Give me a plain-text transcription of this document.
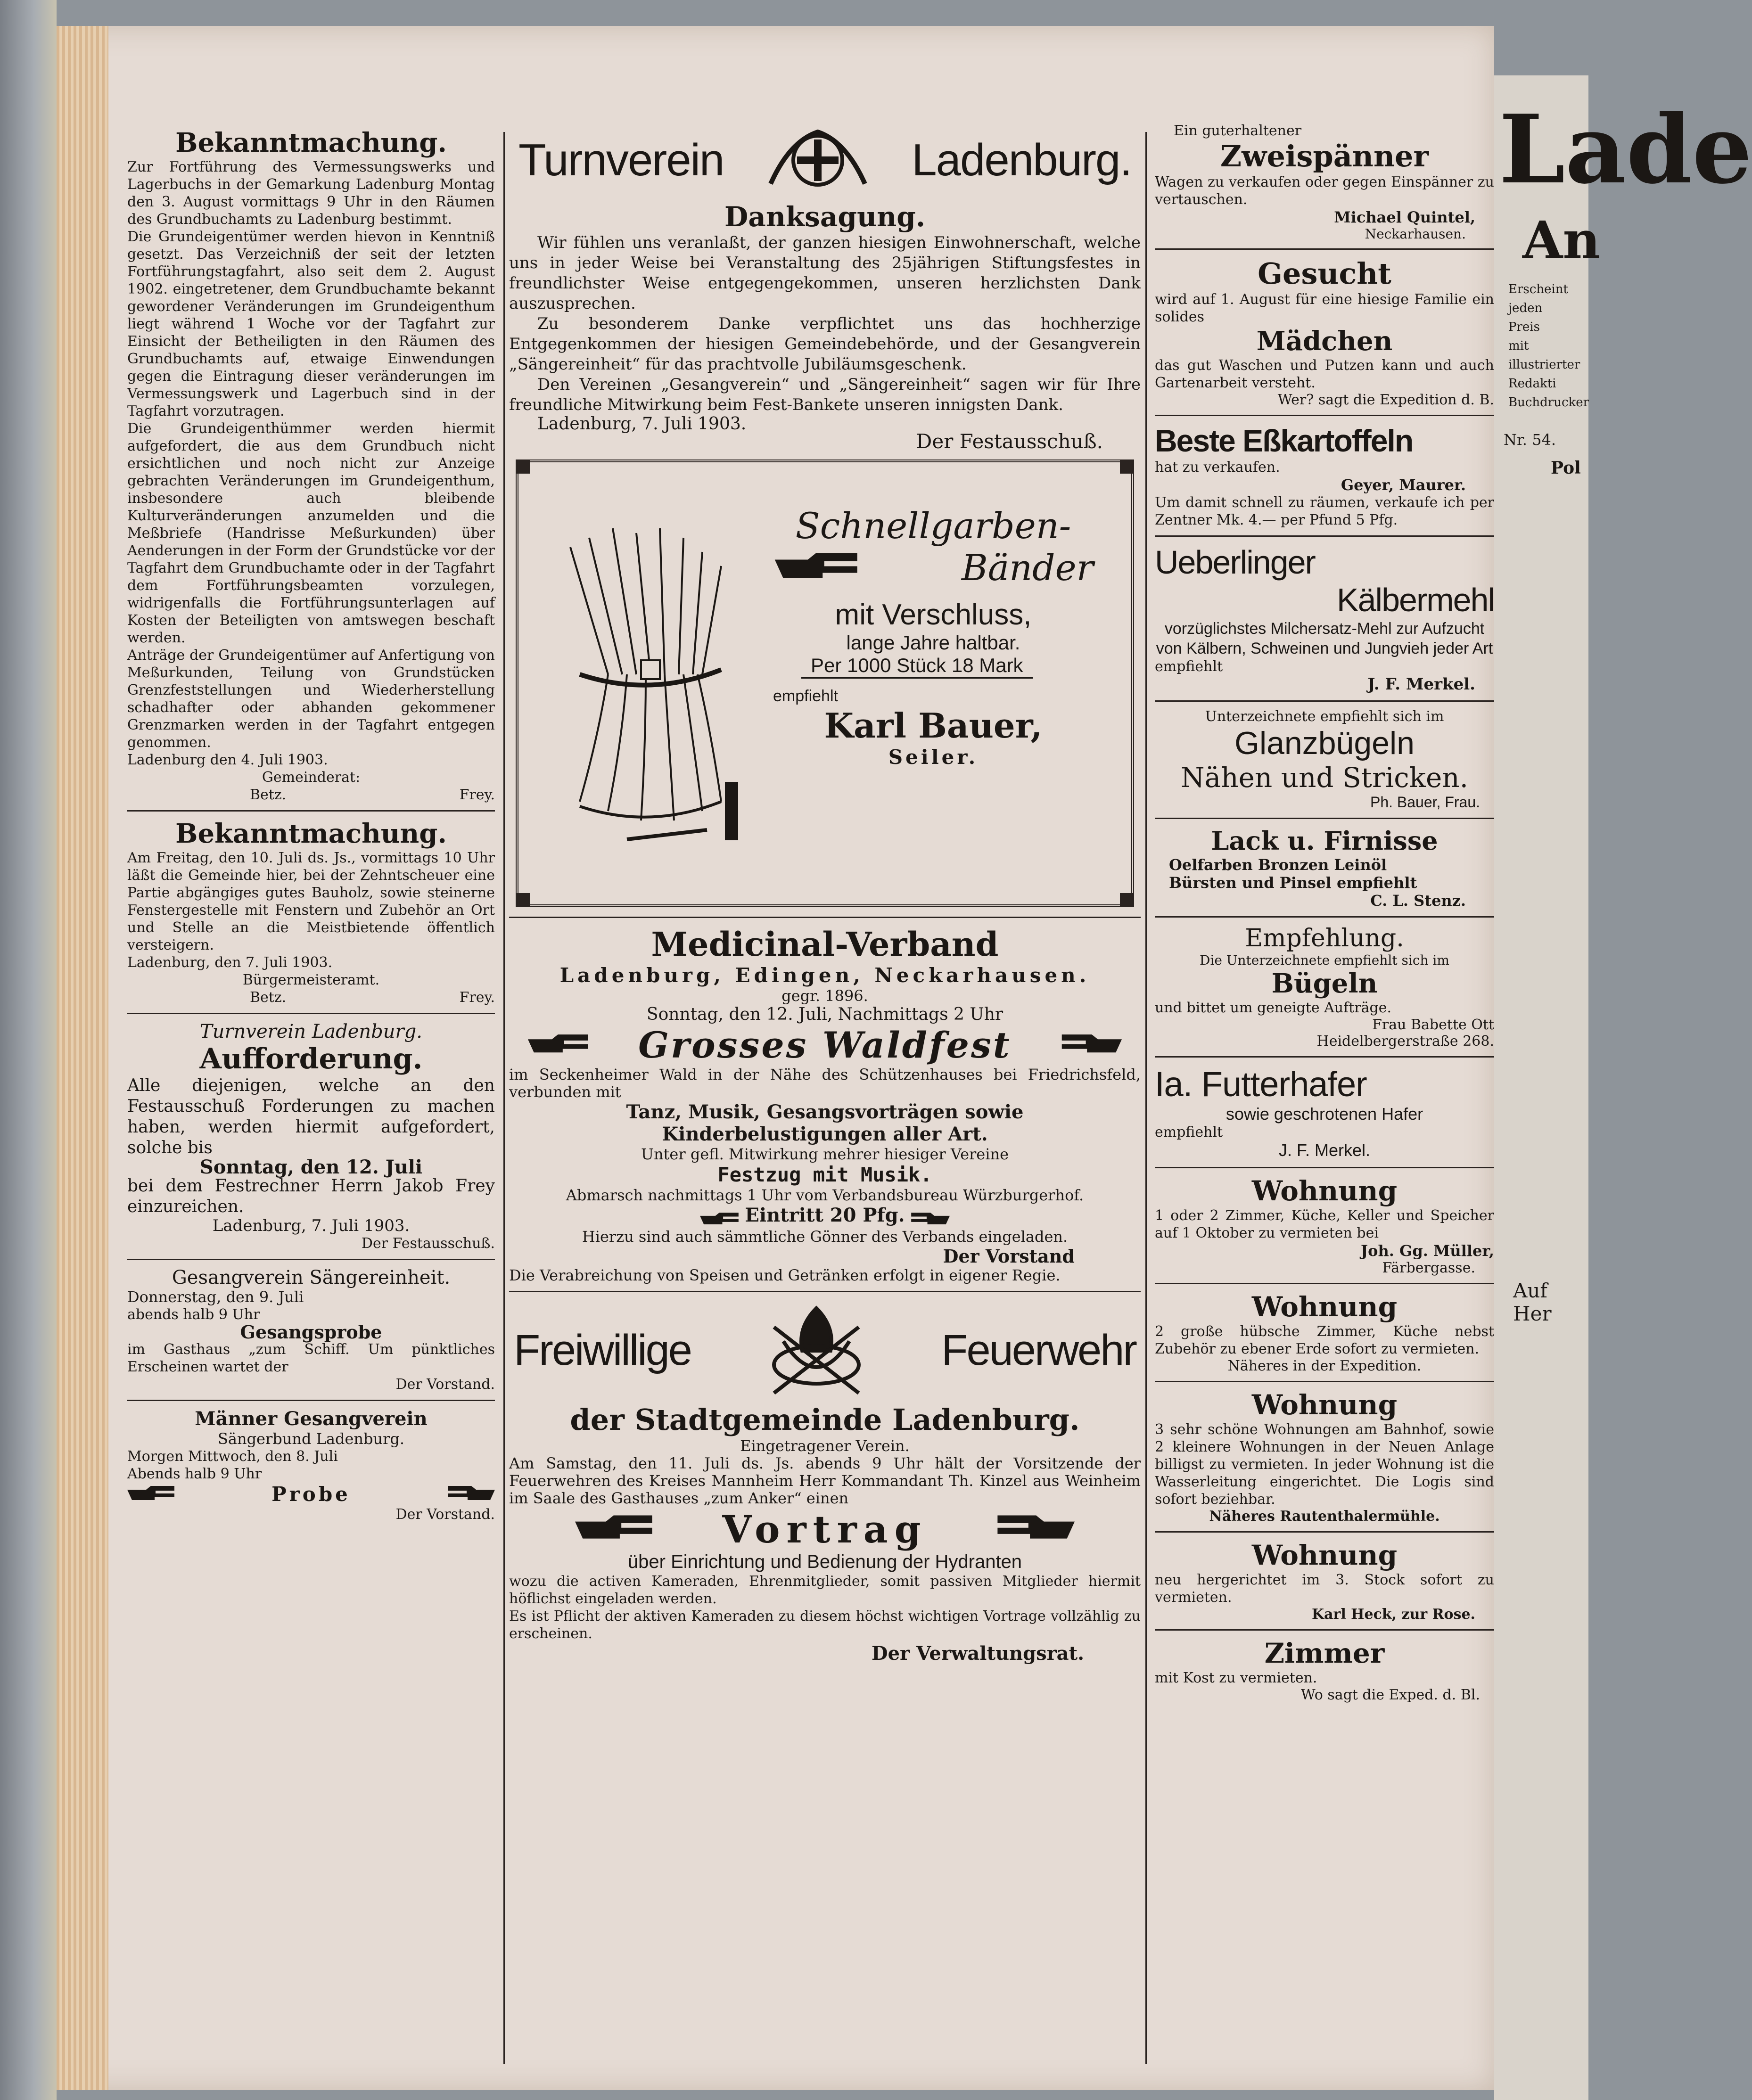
Lade
An
Erscheint jeden
Preis
mit illustrierter
Redakti
Buchdrucker
Nr. 54.
Pol
Auf Her
Bekanntmachung.

Zur Fortführung des Vermessungswerks und Lagerbuchs in der Gemarkung Ladenburg Montag den 3. August vormittags 9 Uhr in den Räumen des Grundbuchamts zu Ladenburg bestimmt.

Die Grundeigentümer werden hievon in Kenntniß gesetzt. Das Verzeichniß der seit der letzten Fortführungstagfahrt, also seit dem 2. August 1902. eingetretener, dem Grundbuchamte bekannt gewordener Veränderungen im Grundeigenthum liegt während 1 Woche vor der Tagfahrt zur Einsicht der Betheiligten in den Räumen des Grundbuchamts auf, etwaige Einwendungen gegen die Eintragung dieser veränderungen im Vermessungswerk und Lagerbuch sind in der Tagfahrt vorzutragen.

Die Grundeigenthümmer werden hiermit aufgefordert, die aus dem Grundbuch nicht ersichtlichen und noch nicht zur Anzeige gebrachten Veränderungen im Grundeigenthum, insbesondere auch bleibende Kulturveränderungen anzumelden und die Meßbriefe (Handrisse Meßurkunden) über Aenderungen in der Form der Grundstücke vor der Tagfahrt dem Grundbuchamte oder in der Tagfahrt dem Fortführungsbeamten vorzulegen, widrigenfalls die Fortführungsunterlagen auf Kosten der Beteiligten von amtswegen beschaft werden.

Anträge der Grundeigentümer auf Anfertigung von Meßurkunden, Teilung von Grundstücken Grenzfeststellungen und Wiederherstellung schadhafter oder abhanden gekommener Grenzmarken werden in der Tagfahrt entgegen genommen.

Ladenburg den 4. Juli 1903.

Gemeinderat:

Betz.	Frey.
Bekanntmachung.

Am Freitag, den 10. Juli ds. Js., vormittags 10 Uhr läßt die Gemeinde hier, bei der Zehntscheuer eine Partie abgängiges gutes Bauholz, sowie steinerne Fenstergestelle mit Fenstern und Zubehör an Ort und Stelle an die Meistbietende öffentlich versteigern.

Ladenburg, den 7. Juli 1903.

Bürgermeisteramt.

Betz.	Frey.
Turnverein Ladenburg.
Aufforderung.

Alle diejenigen, welche an den Festausschuß Forderungen zu machen haben, werden hiermit aufgefordert, solche bis

Sonntag, den 12. Juli

bei dem Festrechner Herrn Jakob Frey einzureichen.

Ladenburg, 7. Juli 1903.

Der Festausschuß.

Gesangverein Sängereinheit.

Donnerstag, den 9. Juli

abends halb 9 Uhr

Gesangsprobe

im Gasthaus „zum Schiff. Um pünktliches Erscheinen wartet der

Der Vorstand.

Männer Gesangverein
Sängerbund Ladenburg.

Morgen Mittwoch, den 8. Juli

Abends halb 9 Uhr

Probe

Der Vorstand.

Turnverein	Ladenburg.
Danksagung.

Wir fühlen uns veranlaßt, der ganzen hiesigen Einwohnerschaft, welche uns in jeder Weise bei Veranstaltung des 25jährigen Stiftungsfestes in freundlichster Weise entgegengekommen, unseren herzlichsten Dank auszusprechen.

Zu besonderem Danke verpflichtet uns das hochherzige Entgegenkommen der hiesigen Gemeindebehörde, und der Gesangverein „Sängereinheit“ für das prachtvolle Jubiläumsgeschenk.

Den Vereinen „Gesangverein“ und „Sängereinheit“ sagen wir für Ihre freundliche Mitwirkung beim Fest-Bankete unseren innigsten Dank.

Ladenburg, 7. Juli 1903.

Der Festausschuß.

Schnellgarben-
Bänder
mit Verschluss,
lange Jahre haltbar.
Per 1000 Stück 18 Mark
empfiehlt
Karl Bauer,
Seiler.
Medicinal-Verband
Ladenburg, Edingen, Neckarhausen.
gegr. 1896.
Sonntag, den 12. Juli, Nachmittags 2 Uhr
Grosses Waldfest

im Seckenheimer Wald in der Nähe des Schützenhauses bei Friedrichsfeld, verbunden mit

Tanz, Musik, Gesangsvorträgen sowie
Kinderbelustigungen aller Art.
Unter gefl. Mitwirkung mehrer hiesiger Vereine
Festzug mit Musik.
Abmarsch nachmittags 1 Uhr vom Verbandsbureau Würzburgerhof.
Eintritt 20 Pfg.
Hierzu sind auch sämmtliche Gönner des Verbands eingeladen.
Der Vorstand

Die Verabreichung von Speisen und Getränken erfolgt in eigener Regie.

Freiwillige	Feuerwehr
der Stadtgemeinde Ladenburg.
Eingetragener Verein.

Am Samstag, den 11. Juli ds. Js. abends 9 Uhr hält der Vorsitzende der Feuerwehren des Kreises Mannheim Herr Kommandant Th. Kinzel aus Weinheim im Saale des Gasthauses „zum Anker“ einen

Vortrag
über Einrichtung und Bedienung der Hydranten

wozu die activen Kameraden, Ehrenmitglieder, somit passiven Mitglieder hiermit höflichst eingeladen werden.

Es ist Pflicht der aktiven Kameraden zu diesem höchst wichtigen Vortrage vollzählig zu erscheinen.

Der Verwaltungsrat.
Ein guterhaltener
Zweispänner

Wagen zu verkaufen oder gegen Einspänner zu vertauschen.

Michael Quintel,
Neckarhausen.
Gesucht

wird auf 1. August für eine hiesige Familie ein solides

Mädchen

das gut Waschen und Putzen kann und auch Gartenarbeit versteht.

Wer? sagt die Expedition d. B.
Beste Eßkartoffeln

hat zu verkaufen.

Geyer, Maurer.

Um damit schnell zu räumen, verkaufe ich per Zentner Mk. 4.— per Pfund 5 Pfg.

Ueberlinger
Kälbermehl

vorzüglichstes Milchersatz-Mehl zur Aufzucht von Kälbern, Schweinen und Jungvieh jeder Art

empfiehlt
J. F. Merkel.
Unterzeichnete empfiehlt sich im
Glanzbügeln
Nähen und Stricken.
Ph. Bauer, Frau.
Lack u. Firnisse
Oelfarben Bronzen Leinöl
Bürsten und Pinsel empfiehlt
C. L. Stenz.
Empfehlung.
Die Unterzeichnete empfiehlt sich im
Bügeln

und bittet um geneigte Aufträge.

Frau Babette Ott
Heidelbergerstraße 268.
Ia. Futterhafer
sowie geschrotenen Hafer
empfiehlt
J. F. Merkel.
Wohnung

1 oder 2 Zimmer, Küche, Keller und Speicher auf 1 Oktober zu vermieten bei

Joh. Gg. Müller,
Färbergasse.
Wohnung

2 große hübsche Zimmer, Küche nebst Zubehör zu ebener Erde sofort zu vermieten.

Näheres in der Expedition.
Wohnung

3 sehr schöne Wohnungen am Bahnhof, sowie 2 kleinere Wohnungen in der Neuen Anlage billigst zu vermieten. In jeder Wohnung ist die Wasserleitung eingerichtet. Die Logis sind sofort beziehbar.

Näheres Rautenthalermühle.
Wohnung

neu hergerichtet im 3. Stock sofort zu vermieten.

Karl Heck, zur Rose.
Zimmer

mit Kost zu vermieten.

Wo sagt die Exped. d. Bl.
